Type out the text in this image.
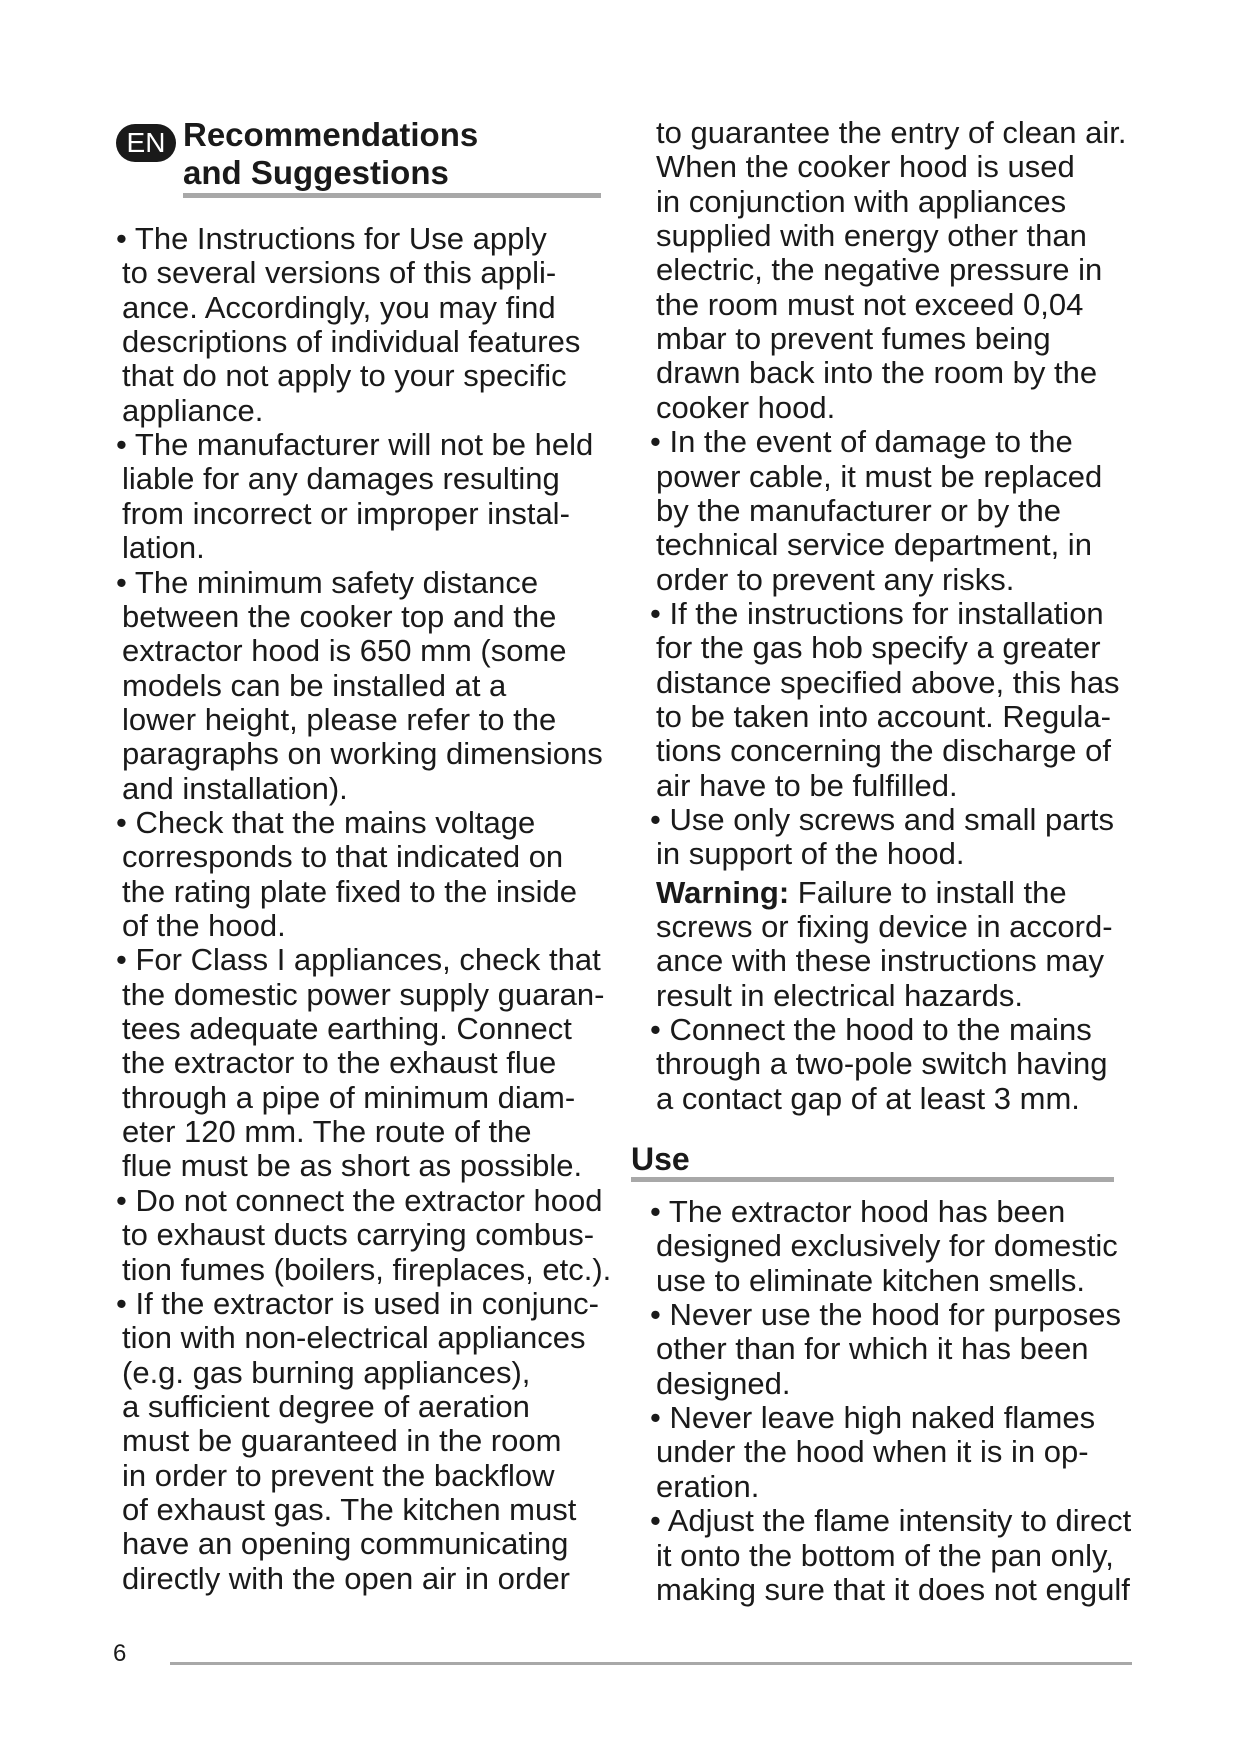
EN Recommendations

and Suggestions

• The Instructions for Use apply

to several versions of this appli-

ance. Accordingly, you may find

descriptions of individual features

that do not apply to your specific

appliance.

• The manufacturer will not be held

liable for any damages resulting

from incorrect or improper instal-

lation.

• The minimum safety distance

between the cooker top and the

extractor hood is 650 mm (some

models can be installed at a

lower height, please refer to the

paragraphs on working dimensions

and installation).

• Check that the mains voltage

corresponds to that indicated on

the rating plate fixed to the inside

of the hood.

• For Class I appliances, check that

the domestic power supply guaran-

tees adequate earthing. Connect

the extractor to the exhaust flue

through a pipe of minimum diam-

eter 120 mm. The route of the

flue must be as short as possible.

• Do not connect the extractor hood

to exhaust ducts carrying combus-

tion fumes (boilers, fireplaces, etc.).

• If the extractor is used in conjunc-

tion with non-electrical appliances

(e.g. gas burning appliances),

a sufficient degree of aeration

must be guaranteed in the room

in order to prevent the backflow

of exhaust gas. The kitchen must

have an opening communicating

directly with the open air in order

to guarantee the entry of clean air.

When the cooker hood is used

in conjunction with appliances

supplied with energy other than

electric, the negative pressure in

the room must not exceed 0,04

mbar to prevent fumes being

drawn back into the room by the

cooker hood.

• In the event of damage to the

power cable, it must be replaced

by the manufacturer or by the

technical service department, in

order to prevent any risks.

• If the instructions for installation

for the gas hob specify a greater

distance specified above, this has

to be taken into account. Regula-

tions concerning the discharge of

air have to be fulfilled.

• Use only screws and small parts

in support of the hood.

Warning: Failure to install the

screws or fixing device in accord-

ance with these instructions may

result in electrical hazards.

• Connect the hood to the mains

through a two-pole switch having

a contact gap of at least 3 mm.

Use

• The extractor hood has been

designed exclusively for domestic

use to eliminate kitchen smells.

• Never use the hood for purposes

other than for which it has been

designed.

• Never leave high naked flames

under the hood when it is in op-

eration.

• Adjust the flame intensity to direct

it onto the bottom of the pan only,

making sure that it does not engulf

6
